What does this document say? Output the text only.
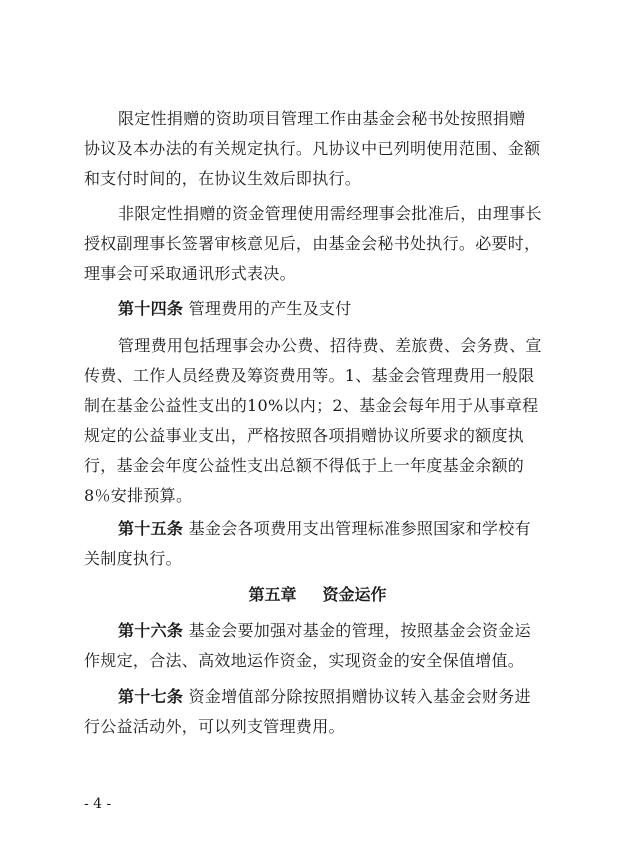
限定性捐赠的资助项目管理工作由基金会秘书处按照捐赠
协议及本办法的有关规定执行。凡协议中已列明使用范围、金额
和支付时间的，在协议生效后即执行。

非限定性捐赠的资金管理使用需经理事会批准后，由理事长
授权副理事长签署审核意见后，由基金会秘书处执行。必要时，
理事会可采取通讯形式表决。

第十四条 管理费用的产生及支付

管理费用包括理事会办公费、招待费、差旅费、会务费、宣
传费、工作人员经费及筹资费用等。1、基金会管理费用一般限
制在基金公益性支出的10%以内；2、基金会每年用于从事章程
规定的公益事业支出，严格按照各项捐赠协议所要求的额度执
行，基金会年度公益性支出总额不得低于上一年度基金余额的
8％安排预算。

第十五条 基金会各项费用支出管理标准参照国家和学校有
关制度执行。

第五章 资金运作

第十六条 基金会要加强对基金的管理，按照基金会资金运
作规定，合法、高效地运作资金，实现资金的安全保值增值。

第十七条 资金增值部分除按照捐赠协议转入基金会财务进
行公益活动外，可以列支管理费用。

- 4 -
